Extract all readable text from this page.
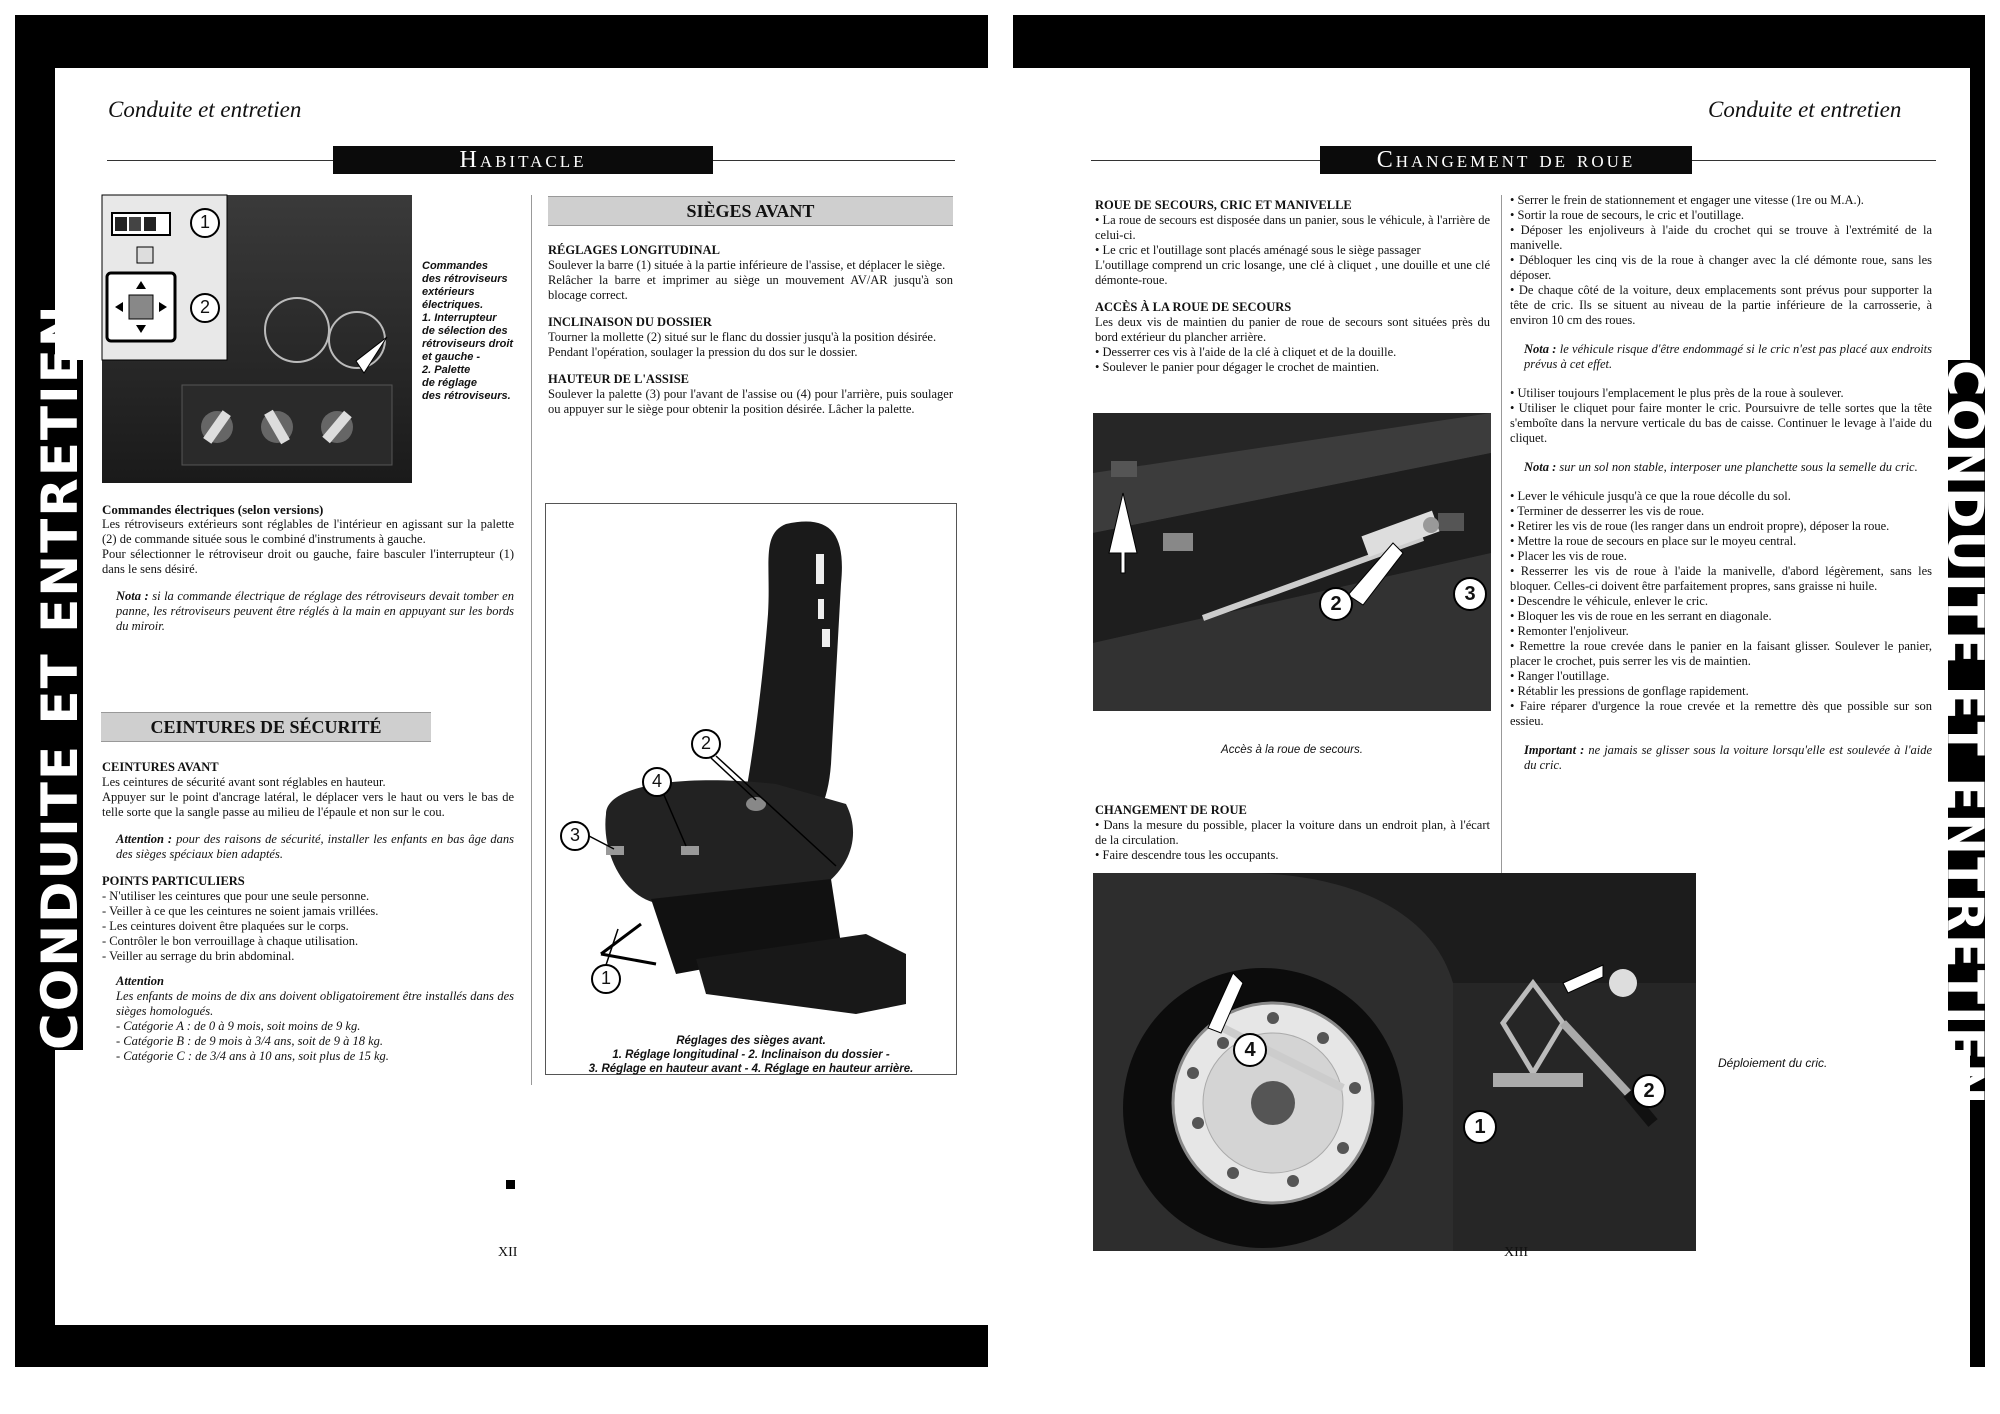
CONDUITE ET ENTRETIEN
Conduite et entretien
Habitacle
1
2
Commandes
des rétroviseurs
extérieurs
électriques.
1. Interrupteur
de sélection des
rétroviseurs droit
et gauche -
2. Palette
de réglage
des rétroviseurs.

Commandes électriques (selon versions)

Les rétroviseurs extérieurs sont réglables de l'intérieur en agissant sur la palette (2) de commande située sous le combiné d'instruments à gauche.

Pour sélectionner le rétroviseur droit ou gauche, faire basculer l'interrupteur (1) dans le sens désiré.

Nota : si la commande électrique de réglage des rétroviseurs devait tomber en panne, les rétroviseurs peuvent être réglés à la main en appuyant sur les bords du miroir.

CEINTURES DE SÉCURITÉ

CEINTURES AVANT

Les ceintures de sécurité avant sont réglables en hauteur.

Appuyer sur le point d'ancrage latéral, le déplacer vers le haut ou vers le bas de telle sorte que la sangle passe au milieu de l'épaule et non sur le cou.

Attention : pour des raisons de sécurité, installer les enfants en bas âge dans des sièges spéciaux bien adaptés.

POINTS PARTICULIERS

- N'utiliser les ceintures que pour une seule personne.
- Veiller à ce que les ceintures ne soient jamais vrillées.
- Les ceintures doivent être plaquées sur le corps.
- Contrôler le bon verrouillage à chaque utilisation.
- Veiller au serrage du brin abdominal.

Attention

Les enfants de moins de dix ans doivent obligatoirement être installés dans des sièges homologués.

- Catégorie A : de 0 à 9 mois, soit moins de 9 kg.

- Catégorie B : de 9 mois à 3/4 ans, soit de 9 à 18 kg.

- Catégorie C : de 3/4 ans à 10 ans, soit plus de 15 kg.

SIÈGES AVANT

RÉGLAGES LONGITUDINAL

Soulever la barre (1) située à la partie inférieure de l'assise, et déplacer le siège.

Relâcher la barre et imprimer au siège un mouvement AV/AR jusqu'à son blocage correct.

INCLINAISON DU DOSSIER

Tourner la mollette (2) situé sur le flanc du dossier jusqu'à la position désirée.

Pendant l'opération, soulager la pression du dos sur le dossier.

HAUTEUR DE L'ASSISE

Soulever la palette (3) pour l'avant de l'assise ou (4) pour l'arrière, puis soulager ou appuyer sur le siège pour obtenir la position désirée. Lâcher la palette.

3
4
2
1
Réglages des sièges avant.
1. Réglage longitudinal - 2. Inclinaison du dossier -
3. Réglage en hauteur avant - 4. Réglage en hauteur arrière.
XII
CONDUITE ET ENTRETIEN
Conduite et entretien
Changement de roue

ROUE DE SECOURS, CRIC ET MANIVELLE

• La roue de secours est disposée dans un panier, sous le véhicule, à l'arrière de celui-ci.
• Le cric et l'outillage sont placés aménagé sous le siège passager

L'outillage comprend un cric losange, une clé à cliquet , une douille et une clé démonte-roue.

ACCÈS À LA ROUE DE SECOURS

Les deux vis de maintien du panier de roue de secours sont situées près du bord extérieur du plancher arrière.

• Desserrer ces vis à l'aide de la clé à cliquet et de la douille.
• Soulever le panier pour dégager le crochet de maintien.
2	3
Accès à la roue de secours.

CHANGEMENT DE ROUE

• Dans la mesure du possible, placer la voiture dans un endroit plan, à l'écart de la circulation.
• Faire descendre tous les occupants.
• Serrer le frein de stationnement et engager une vitesse (1re ou M.A.).
• Sortir la roue de secours, le cric et l'outillage.
• Déposer les enjoliveurs à l'aide du crochet qui se trouve à l'extrémité de la manivelle.
• Débloquer les cinq vis de la roue à changer avec la clé démonte roue, sans les déposer.
• De chaque côté de la voiture, deux emplacements sont prévus pour supporter la tête de cric. Ils se situent au niveau de la partie inférieure de la carrosserie, à environ 10 cm des roues.

Nota : le véhicule risque d'être endommagé si le cric n'est pas placé aux endroits prévus à cet effet.

• Utiliser toujours l'emplacement le plus près de la roue à soulever.
• Utiliser le cliquet pour faire monter le cric. Poursuivre de telle sortes que la tête s'emboîte dans la nervure verticale du bas de caisse. Continuer le levage à l'aide du cliquet.

Nota : sur un sol non stable, interposer une planchette sous la semelle du cric.

• Lever le véhicule jusqu'à ce que la roue décolle du sol.
• Terminer de desserrer les vis de roue.
• Retirer les vis de roue (les ranger dans un endroit propre), déposer la roue.
• Mettre la roue de secours en place sur le moyeu central.
• Placer les vis de roue.
• Resserrer les vis de roue à l'aide la manivelle, d'abord légèrement, sans les bloquer. Celles-ci doivent être parfaitement propres, sans graisse ni huile.
• Descendre le véhicule, enlever le cric.
• Bloquer les vis de roue en les serrant en diagonale.
• Remonter l'enjoliveur.
• Remettre la roue crevée dans le panier en la faisant glisser. Soulever le panier, placer le crochet, puis serrer les vis de maintien.
• Ranger l'outillage.
• Rétablir les pressions de gonflage rapidement.
• Faire réparer d'urgence la roue crevée et la remettre dès que possible sur son essieu.

Important : ne jamais se glisser sous la voiture lorsqu'elle est soulevée à l'aide du cric.

1
2
4
Déploiement du cric.
XIII
